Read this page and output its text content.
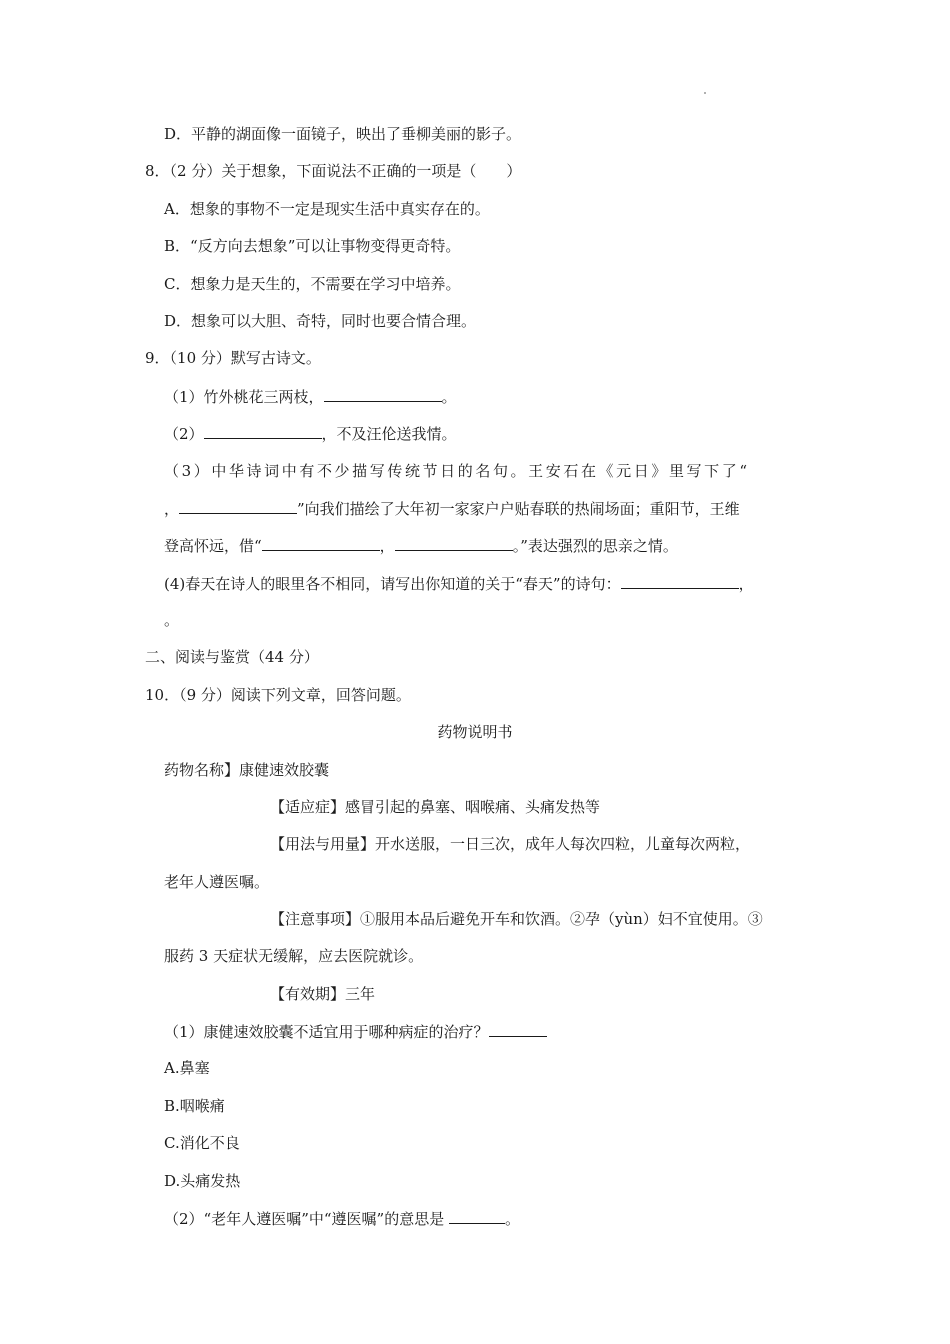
D．平静的湖面像一面镜子，映出了垂柳美丽的影子。
8．（2 分）关于想象，下面说法不正确的一项是（　　）
A．想象的事物不一定是现实生活中真实存在的。
B．“反方向去想象”可以让事物变得更奇特。
C．想象力是天生的，不需要在学习中培养。
D．想象可以大胆、奇特，同时也要合情合理。
9．（10 分）默写古诗文。
（1）竹外桃花三两枝，	。
（2）	，不及汪伦送我情。
（3）中华诗词中有不少描写传统节日的名句。王安石在《元日》里写下了“
，	”向我们描绘了大年初一家家户户贴春联的热闹场面；重阳节，王维
登高怀远，借“	，	。”表达强烈的思亲之情。
(4)春天在诗人的眼里各不相同，请写出你知道的关于“春天”的诗句：	，
。
二、阅读与鉴赏（44 分）
10．（9 分）阅读下列文章，回答问题。
药物说明书
药物名称】康健速效胶囊
【适应症】感冒引起的鼻塞、咽喉痛、头痛发热等
【用法与用量】开水送服，一日三次，成年人每次四粒，儿童每次两粒，
老年人遵医嘱。
【注意事项】①服用本品后避免开车和饮酒。②孕（yùn）妇不宜使用。③
服药 3 天症状无缓解，应去医院就诊。
【有效期】三年
（1）康健速效胶囊不适宜用于哪种病症的治疗？
A.鼻塞
B.咽喉痛
C.消化不良
D.头痛发热
（2）“老年人遵医嘱”中“遵医嘱”的意思是	。
